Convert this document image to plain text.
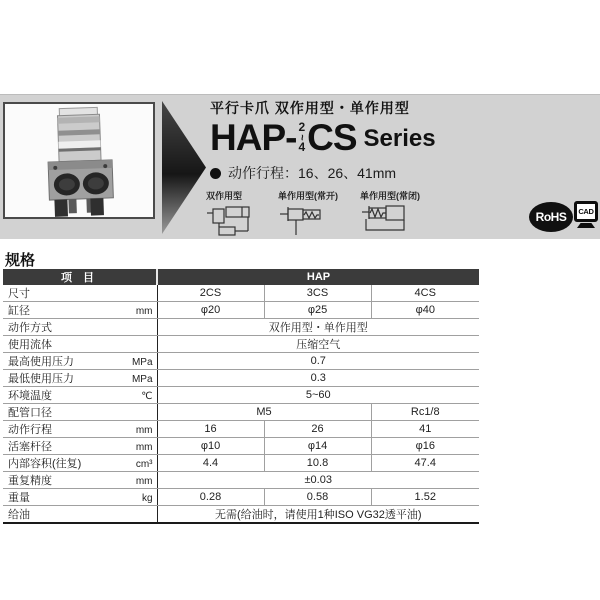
平行卡爪 双作用型・单作用型
HAP- 2
~
4 CS Series
动作行程：16、26、41mm
双作用型	单作用型(常开) 单作用型(常闭)
RoHS CAD
规格
项 目	HAP		

尺寸	2CS	3CS	4CS

缸径 mm	φ20	φ25	φ40

动作方式	双作用型・单作用型		

使用流体	压缩空气		

最高使用压力 MPa	0.7		

最低使用压力 MPa	0.3		

环境温度 ℃	5~60		

配管口径	M5		Rc1/8

动作行程 mm	16	26	41

活塞杆径 mm	φ10	φ14	φ16

内部容积(往复) cm³	4.4	10.8	47.4

重复精度 mm	±0.03		

重量 kg	0.28	0.58	1.52

给油	无需(给油时，请使用1种ISO VG32透平油)		
